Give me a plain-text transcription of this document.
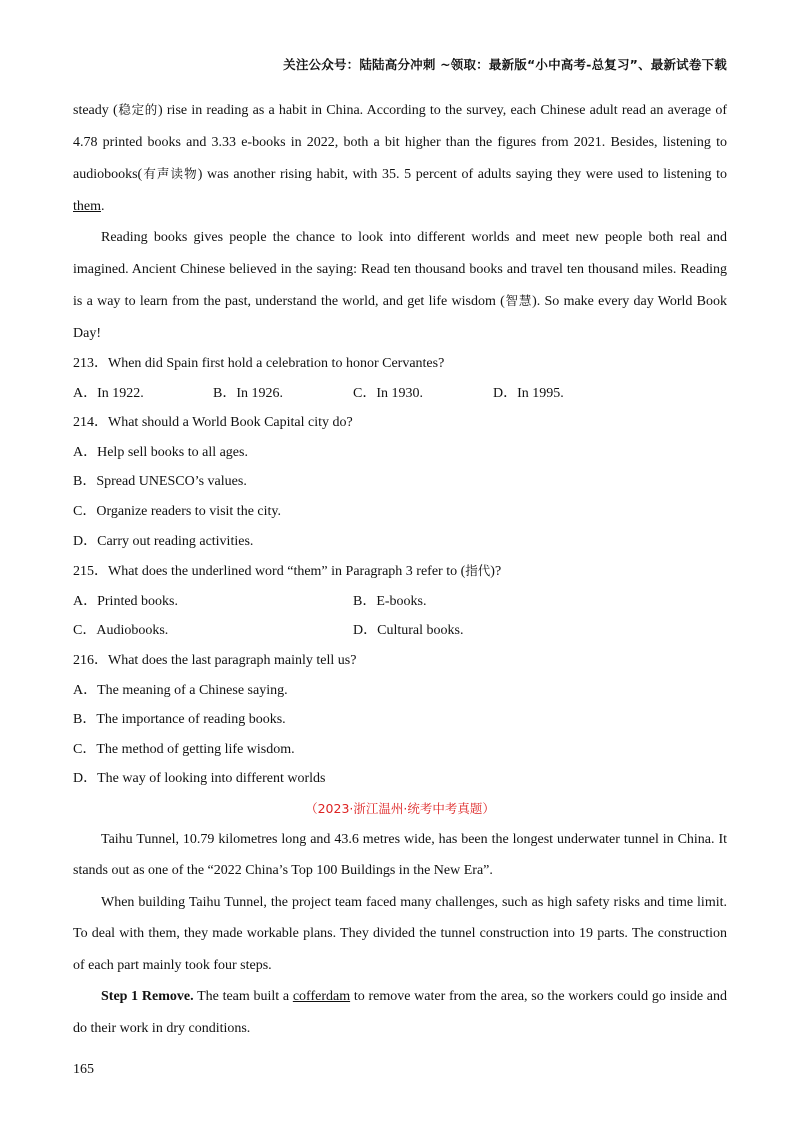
关注公众号：陆陆高分冲刺 ~领取：最新版“小中高考-总复习”、最新试卷下载

steady (稳定的) rise in reading as a habit in China. According to the survey, each Chinese adult read an average of 4.78 printed books and 3.33 e-books in 2022, both a bit higher than the figures from 2021. Besides, listening to audiobooks(有声读物) was another rising habit, with 35. 5 percent of adults saying they were used to listening to them.

Reading books gives people the chance to look into different worlds and meet new people both real and imagined. Ancient Chinese believed in the saying: Read ten thousand books and travel ten thousand miles. Reading is a way to learn from the past, understand the world, and get life wisdom (智慧). So make every day World Book Day!

213．When did Spain first hold a celebration to honor Cervantes?
A．In 1922.	B．In 1926.	C．In 1930.	D．In 1995.
214．What should a World Book Capital city do?
A．Help sell books to all ages.
B．Spread UNESCO’s values.
C．Organize readers to visit the city.
D．Carry out reading activities.
215．What does the underlined word “them” in Paragraph 3 refer to (指代)?
A．Printed books.	B．E-books.
C．Audiobooks.	D．Cultural books.
216．What does the last paragraph mainly tell us?
A．The meaning of a Chinese saying.
B．The importance of reading books.
C．The method of getting life wisdom.
D．The way of looking into different worlds
（2023·浙江温州·统考中考真题）

Taihu Tunnel, 10.79 kilometres long and 43.6 metres wide, has been the longest underwater tunnel in China. It stands out as one of the “2022 China’s Top 100 Buildings in the New Era”.

When building Taihu Tunnel, the project team faced many challenges, such as high safety risks and time limit. To deal with them, they made workable plans. They divided the tunnel construction into 19 parts. The construction of each part mainly took four steps.

Step 1 Remove. The team built a cofferdam to remove water from the area, so the workers could go inside and do their work in dry conditions.

165
